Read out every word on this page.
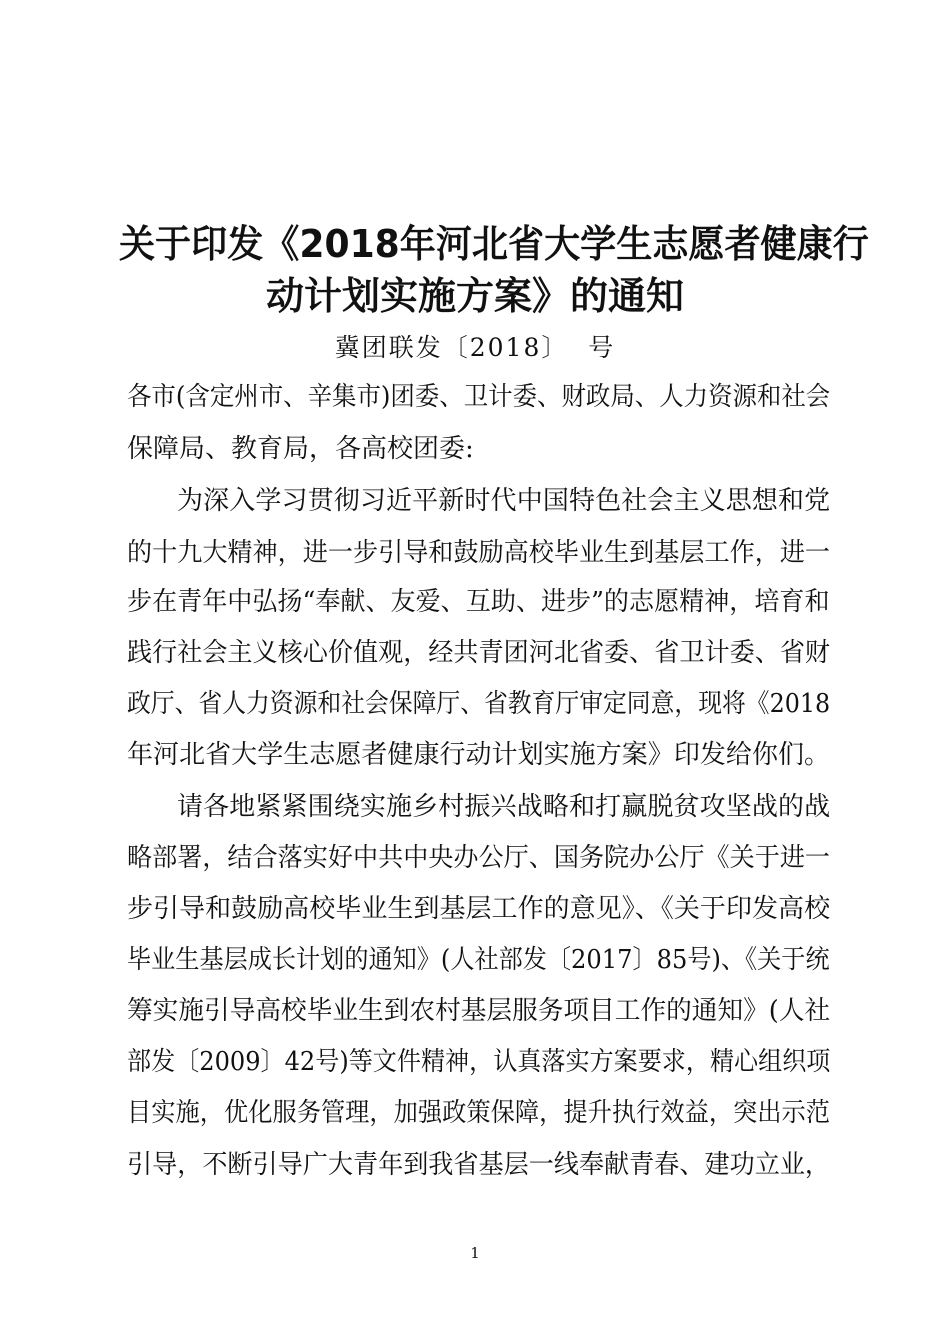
关于印发《2018年河北省大学生志愿者健康行
动计划实施方案》的通知
冀团联发〔2018〕  号
各市(含定州市、辛集市)团委、卫计委、财政局、人力资源和社会
保障局、教育局，各高校团委:
为深入学习贯彻习近平新时代中国特色社会主义思想和党
的十九大精神，进一步引导和鼓励高校毕业生到基层工作，进一
步在青年中弘扬“奉献、友爱、互助、进步”的志愿精神，培育和
践行社会主义核心价值观，经共青团河北省委、省卫计委、省财
政厅、省人力资源和社会保障厅、省教育厅审定同意，现将《2018
年河北省大学生志愿者健康行动计划实施方案》印发给你们。
请各地紧紧围绕实施乡村振兴战略和打赢脱贫攻坚战的战
略部署，结合落实好中共中央办公厅、国务院办公厅《关于进一
步引导和鼓励高校毕业生到基层工作的意见》、《关于印发高校
毕业生基层成长计划的通知》(人社部发〔2017〕85号)、《关于统
筹实施引导高校毕业生到农村基层服务项目工作的通知》(人社
部发〔2009〕42号)等文件精神，认真落实方案要求，精心组织项
目实施，优化服务管理，加强政策保障，提升执行效益，突出示范
引导，不断引导广大青年到我省基层一线奉献青春、建功立业，
1
